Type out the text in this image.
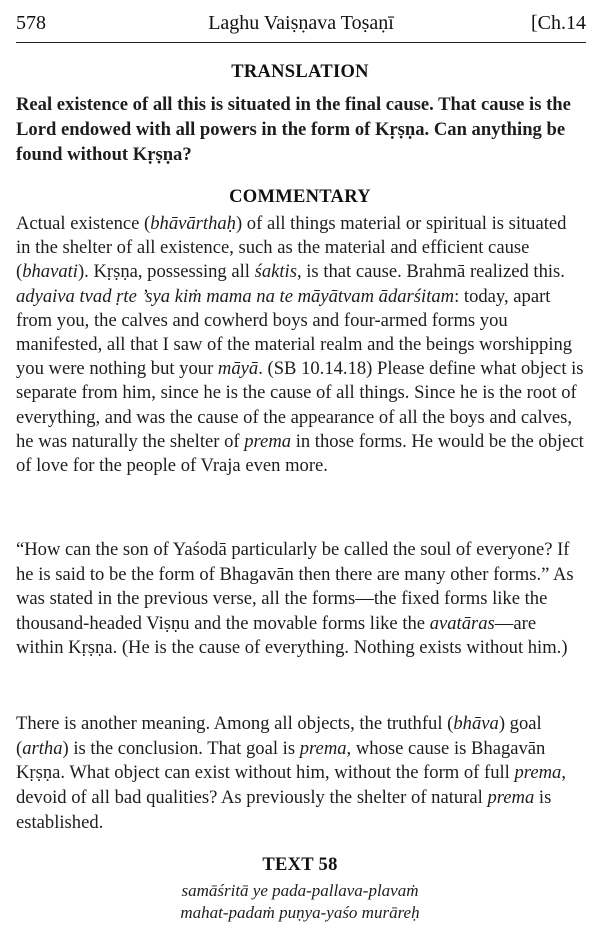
578	Laghu Vaiṣṇava Toṣaṇī	[Ch.14
TRANSLATION

Real existence of all this is situated in the final cause. That cause is the Lord endowed with all powers in the form of Kṛṣṇa. Can anything be found without Kṛṣṇa?

COMMENTARY

Actual existence (bhāvārthaḥ) of all things material or spiritual is situated in the shelter of all existence, such as the material and efficient cause (bhavati). Kṛṣṇa, possessing all śaktis, is that cause. Brahmā realized this. adyaiva tvad ṛte ’sya kiṁ mama na te māyātvam ādarśitam: today, apart from you, the calves and cowherd boys and four-armed forms you manifested, all that I saw of the material realm and the beings worshipping you were nothing but your māyā. (SB 10.14.18) Please define what object is separate from him, since he is the cause of all things. Since he is the root of everything, and was the cause of the appearance of all the boys and calves, he was naturally the shelter of prema in those forms. He would be the object of love for the people of Vraja even more.

“How can the son of Yaśodā particularly be called the soul of everyone? If he is said to be the form of Bhagavān then there are many other forms.” As was stated in the previous verse, all the forms—the fixed forms like the thousand-headed Viṣṇu and the movable forms like the avatāras—are within Kṛṣṇa. (He is the cause of everything. Nothing exists without him.)

There is another meaning. Among all objects, the truthful (bhāva) goal (artha) is the conclusion. That goal is prema, whose cause is Bhagavān Kṛṣṇa. What object can exist without him, without the form of full prema, devoid of all bad qualities? As previously the shelter of natural prema is established.

TEXT 58
samāśritā ye pada-pallava-plavaṁ
mahat-padaṁ puṇya-yaśo murāreḥ
